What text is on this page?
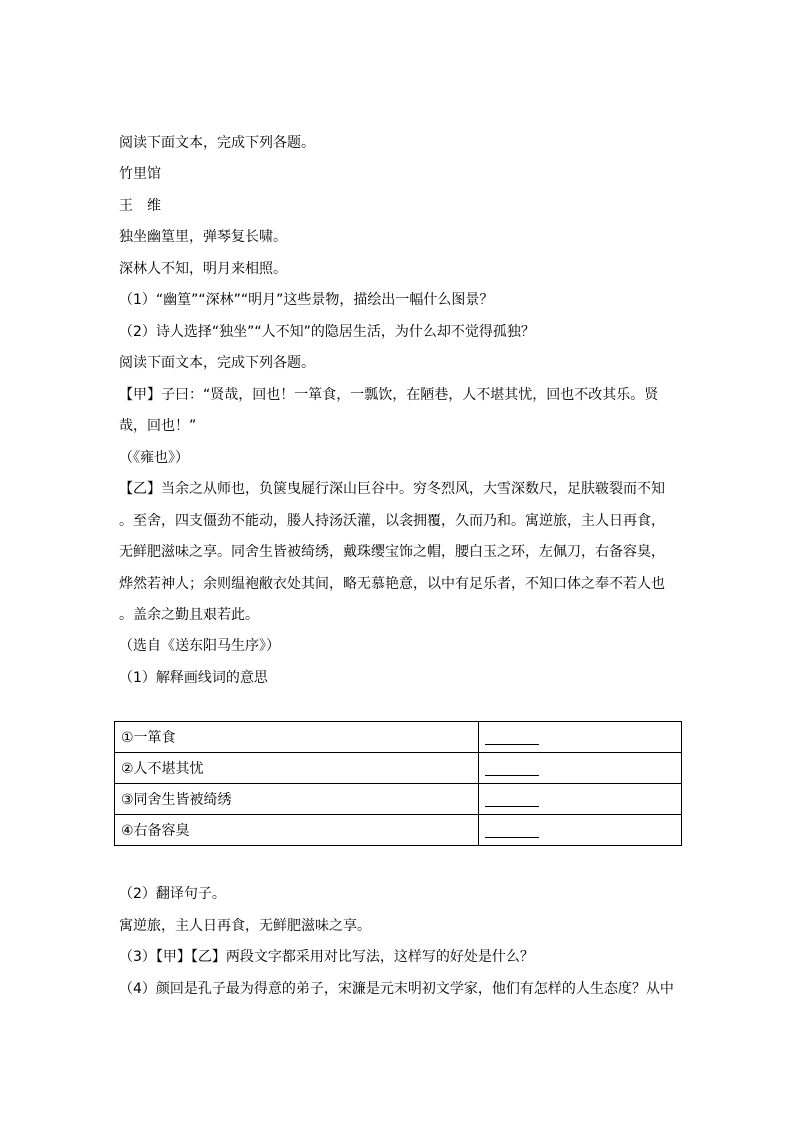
阅读下面文本，完成下列各题。
竹里馆
王　维
独坐幽篁里，弹琴复长啸。
深林人不知，明月来相照。
（1）“幽篁”“深林”“明月”这些景物，描绘出一幅什么图景？
（2）诗人选择“独坐”“人不知”的隐居生活，为什么却不觉得孤独？
阅读下面文本，完成下列各题。
【甲】子曰：“贤哉，回也！一箪食，一瓢饮，在陋巷，人不堪其忧，回也不改其乐。贤
哉，回也！”
（《雍也》）
【乙】当余之从师也，负箧曳屣行深山巨谷中。穷冬烈风，大雪深数尺，足肤皲裂而不知
。至舍，四支僵劲不能动，媵人持汤沃灌，以衾拥覆，久而乃和。寓逆旅，主人日再食，
无鲜肥滋味之享。同舍生皆被绮绣，戴珠缨宝饰之帽，腰白玉之环，左佩刀，右备容臭，
烨然若神人；余则缊袍敝衣处其间，略无慕艳意，以中有足乐者，不知口体之奉不若人也
。盖余之勤且艰若此。
（选自《送东阳马生序》）
（1）解释画线词的意思
①一箪食	
②人不堪其忧	
③同舍生皆被绮绣	
④右备容臭	
（2）翻译句子。
寓逆旅，主人日再食，无鲜肥滋味之享。
（3）【甲】【乙】两段文字都采用对比写法，这样写的好处是什么？
（4）颜回是孔子最为得意的弟子，宋濂是元末明初文学家，他们有怎样的人生态度？从中
